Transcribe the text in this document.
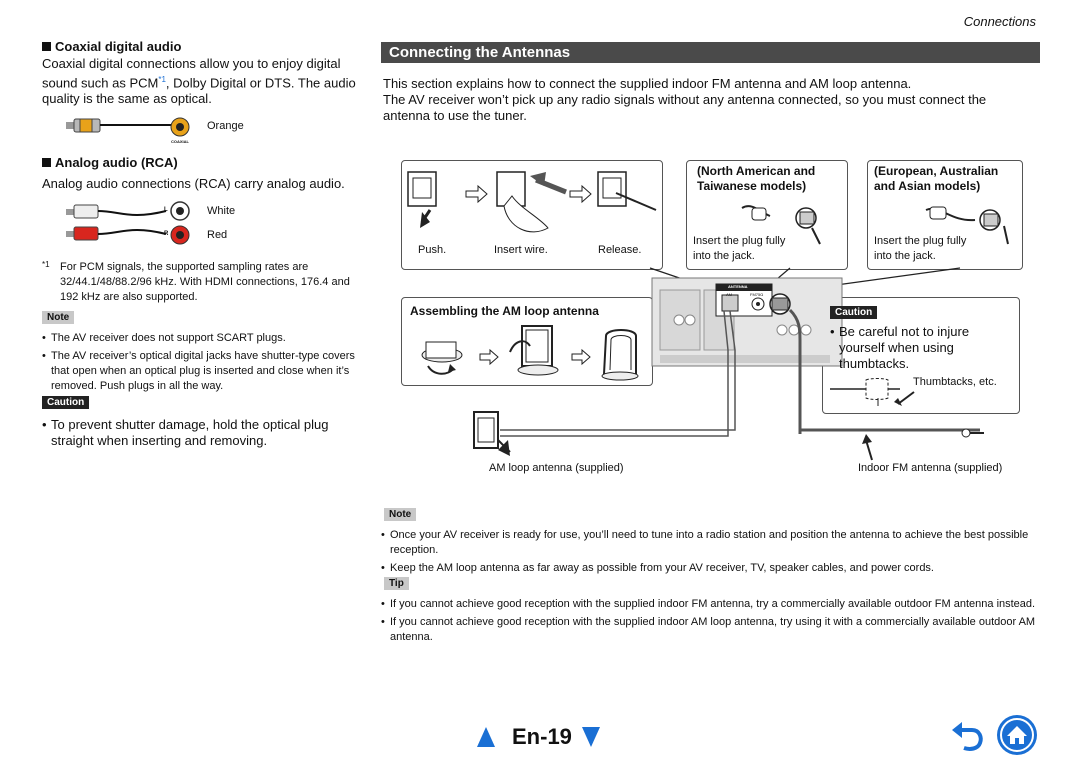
Connections
Coaxial digital audio
Coaxial digital connections allow you to enjoy digital sound such as PCM$^{*1}$, Dolby Digital or DTS. The audio quality is the same as optical.
Orange
COAXIAL
Analog audio (RCA)
Analog audio connections (RCA) carry analog audio.
L
R
White
Red
*1 For PCM signals, the supported sampling rates are 32/44.1/48/88.2/96 kHz. With HDMI connections, 176.4 and 192 kHz are also supported.
Note
• The AV receiver does not support SCART plugs.
• The AV receiver’s optical digital jacks have shutter-type covers that open when an optical plug is inserted and close when it’s removed. Push plugs in all the way.
Caution
• To prevent shutter damage, hold the optical plug straight when inserting and removing.
Connecting the Antennas
This section explains how to connect the supplied indoor FM antenna and AM loop antenna.
The AV receiver won’t pick up any radio signals without any antenna connected, so you must connect the antenna to use the tuner.
Push.	Insert wire.	Release.
(North American and
Taiwanese models)
Insert the plug fully
into the jack.
(European, Australian
and Asian models)
Insert the plug fully
into the jack.
Assembling the AM loop antenna
ANTENNA
AM	FM75Ω
Caution
• Be careful not to injure yourself when using thumbtacks.
Thumbtacks, etc.
AM loop antenna (supplied)	Indoor FM antenna (supplied)
Note
• Once your AV receiver is ready for use, you’ll need to tune into a radio station and position the antenna to achieve the best possible reception.
• Keep the AM loop antenna as far away as possible from your AV receiver, TV, speaker cables, and power cords.
Tip
• If you cannot achieve good reception with the supplied indoor FM antenna, try a commercially available outdoor FM antenna instead.
• If you cannot achieve good reception with the supplied indoor AM loop antenna, try using it with a commercially available outdoor AM antenna.
En-19
